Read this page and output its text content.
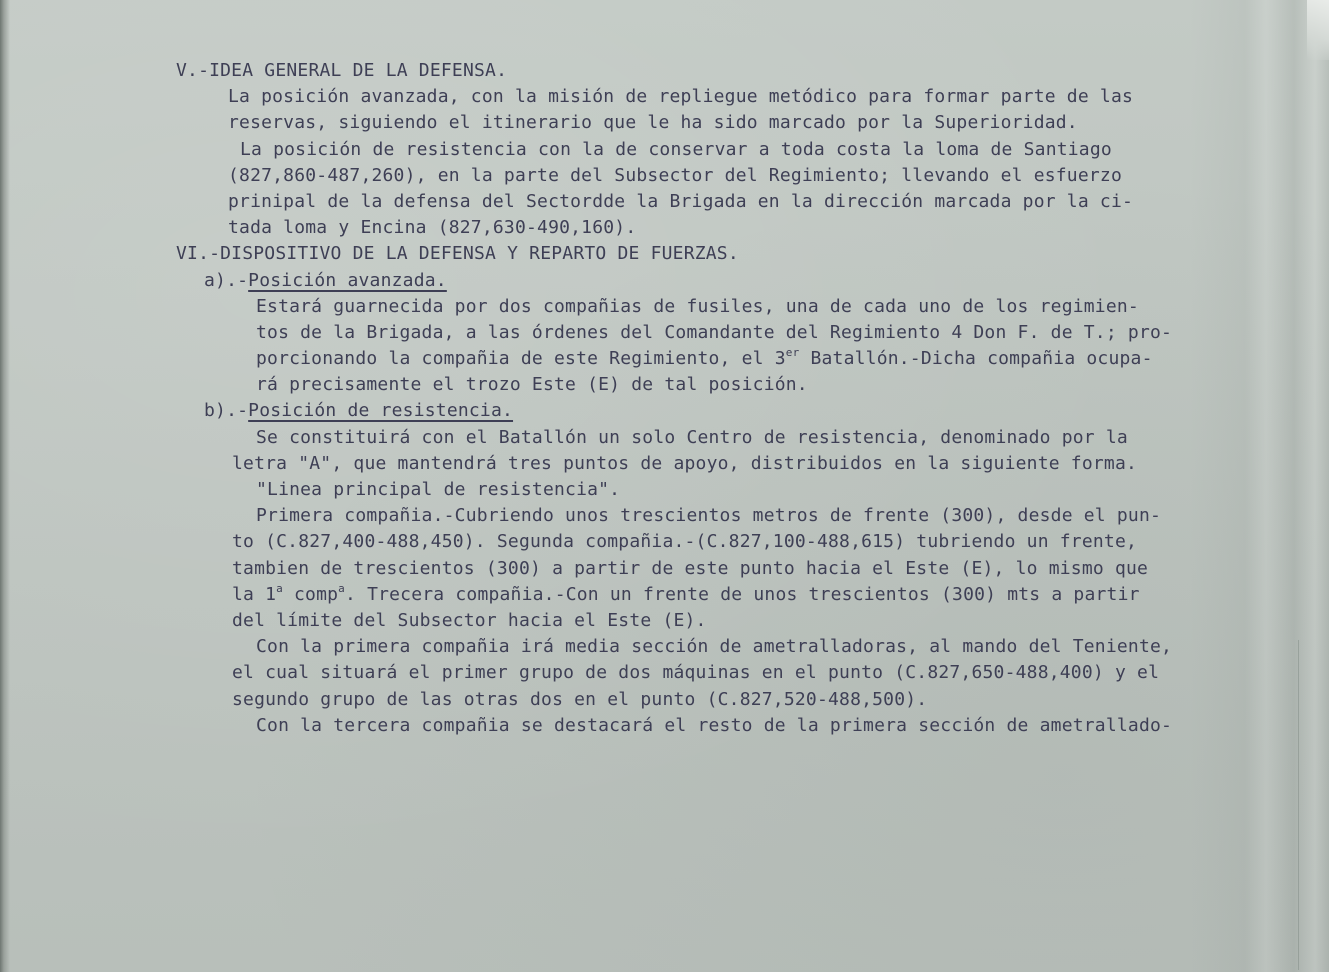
V.-IDEA GENERAL DE LA DEFENSA.
La posición avanzada, con la misión de repliegue metódico para formar parte de las
reservas, siguiendo el itinerario que le ha sido marcado por la Superioridad.
La posición de resistencia con la de conservar a toda costa la loma de Santiago
(827,860-487,260), en la parte del Subsector del Regimiento; llevando el esfuerzo
prinipal de la defensa del Sectordde la Brigada en la dirección marcada por la ci-
tada loma y Encina (827,630-490,160).
VI.-DISPOSITIVO DE LA DEFENSA Y REPARTO DE FUERZAS.
a).-Posición avanzada.
Estará guarnecida por dos compañias de fusiles, una de cada uno de los regimien-
tos de la Brigada, a las órdenes del Comandante del Regimiento 4 Don F. de T.; pro-
porcionando la compañia de este Regimiento, el 3er Batallón.-Dicha compañia ocupa-
rá precisamente el trozo Este (E) de tal posición.
b).-Posición de resistencia.
Se constituirá con el Batallón un solo Centro de resistencia, denominado por la
letra "A", que mantendrá tres puntos de apoyo, distribuidos en la siguiente forma.
"Linea principal de resistencia".
Primera compañia.-Cubriendo unos trescientos metros de frente (300), desde el pun-
to (C.827,400-488,450). Segunda compañia.-(C.827,100-488,615) tubriendo un frente,
tambien de trescientos (300) a partir de este punto hacia el Este (E), lo mismo que
la 1$^a$ comp$^a$. Trecera compañia.-Con un frente de unos trescientos (300) mts a partir
del límite del Subsector hacia el Este (E).
Con la primera compañia irá media sección de ametralladoras, al mando del Teniente,
el cual situará el primer grupo de dos máquinas en el punto (C.827,650-488,400) y el
segundo grupo de las otras dos en el punto (C.827,520-488,500).
Con la tercera compañia se destacará el resto de la primera sección de ametrallado-
